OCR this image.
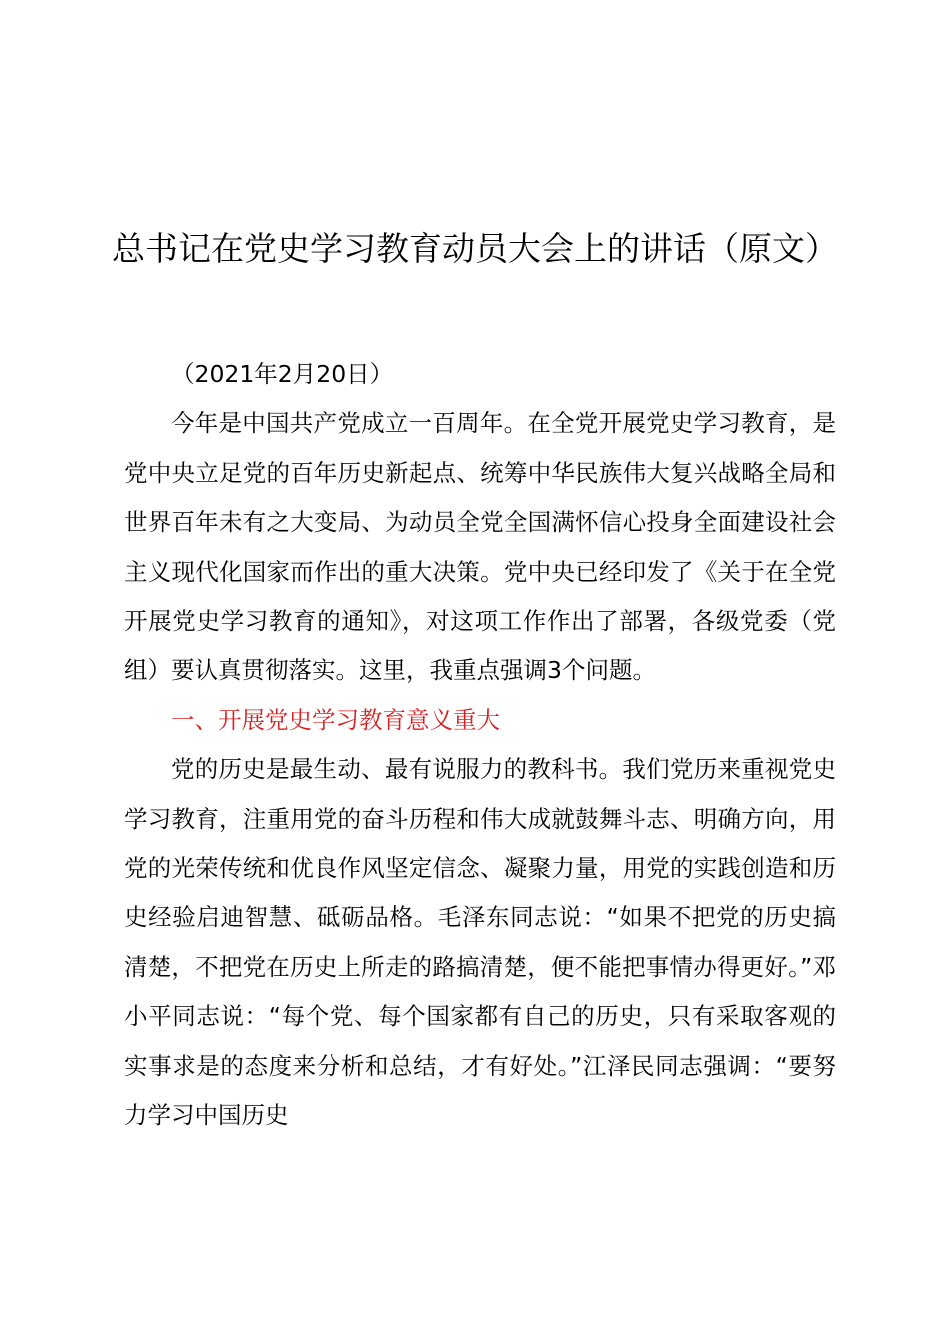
总书记在党史学习教育动员大会上的讲话（原文）

（2021年2月20日）

今年是中国共产党成立一百周年。在全党开展党史学习教育，是党中央立足党的百年历史新起点、统筹中华民族伟大复兴战略全局和世界百年未有之大变局、为动员全党全国满怀信心投身全面建设社会主义现代化国家而作出的重大决策。党中央已经印发了《关于在全党开展党史学习教育的通知》，对这项工作作出了部署，各级党委（党组）要认真贯彻落实。这里，我重点强调3个问题。

一、开展党史学习教育意义重大

党的历史是最生动、最有说服力的教科书。我们党历来重视党史学习教育，注重用党的奋斗历程和伟大成就鼓舞斗志、明确方向，用党的光荣传统和优良作风坚定信念、凝聚力量，用党的实践创造和历史经验启迪智慧、砥砺品格。毛泽东同志说：“如果不把党的历史搞清楚，不把党在历史上所走的路搞清楚，便不能把事情办得更好。”邓小平同志说：“每个党、每个国家都有自己的历史，只有采取客观的实事求是的态度来分析和总结，才有好处。”江泽民同志强调：“要努力学习中国历史
